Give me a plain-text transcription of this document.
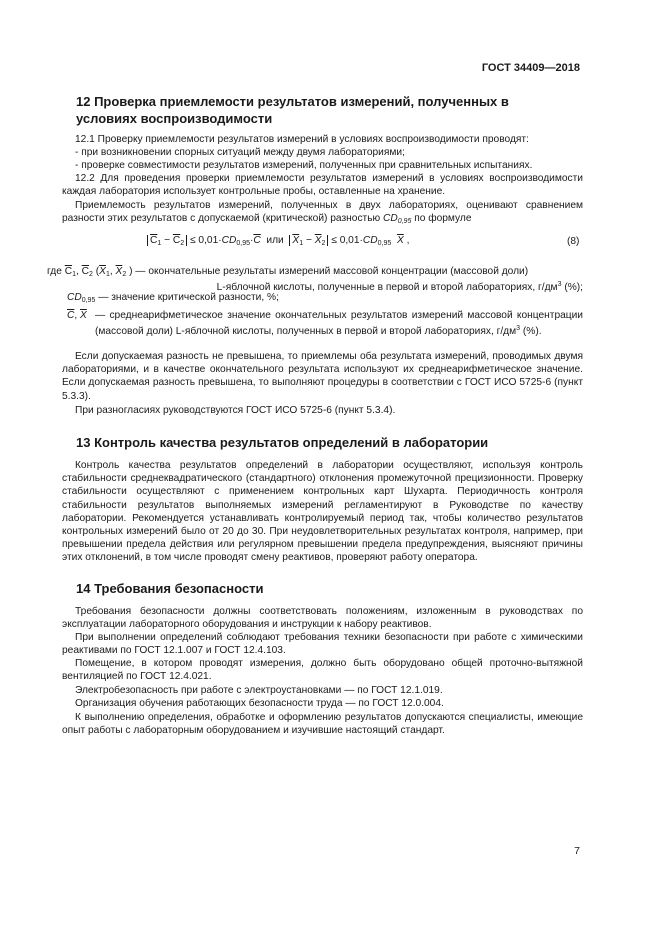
ГОСТ 34409—2018
12 Проверка приемлемости результатов измерений, полученных в
условиях воспроизводимости

12.1 Проверку приемлемости результатов измерений в условиях воспроизводимости проводят:

- при возникновении спорных ситуаций между двумя лабораториями;

- проверке совместимости результатов измерений, полученных при сравнительных испытаниях.

12.2 Для проведения проверки приемлемости результатов измерений в условиях воспроизводимости каждая лаборатория использует контрольные пробы, оставленные на хранение.

Приемлемость результатов измерений, полученных в двух лабораториях, оценивают сравнением разности этих результатов с допускаемой (критической) разностью $CD_{0,95}$ по формуле

$\overline{C}_1 - \overline{C}_2 \le 0,01\cdot CD_{0,95}\cdot\overline{C}$  или  $\overline{X}_1 - \overline{X}_2 \le 0,01\cdot CD_{0,95}$ $\overline{X}$ ,	(8)

где $\overline{C}_1$, $\overline{C}_2$ ($\overline{X}_1$, $\overline{X}_2$ ) — окончательные результаты измерений массовой концентрации (массовой доли)

L-яблочной кислоты, полученные в первой и второй лабораториях, $г/дм^3$ (%);

$CD_{0,95}$ — значение критической разности, %;

$\overline{C}$, $\overline{X}$ — среднеарифметическое значение окончательных результатов измерений массовой концентрации (массовой доли) L-яблочной кислоты, полученных в первой и второй лабораториях, $г/дм^3$ (%).

Если допускаемая разность не превышена, то приемлемы оба результата измерений, проводимых двумя лабораториями, и в качестве окончательного результата используют их среднеарифметическое значение. Если допускаемая разность превышена, то выполняют процедуры в соответствии с ГОСТ ИСО 5725-6 (пункт 5.3.3).

При разногласиях руководствуются ГОСТ ИСО 5725-6 (пункт 5.3.4).

13 Контроль качества результатов определений в лаборатории

Контроль качества результатов определений в лаборатории осуществляют, используя контроль стабильности среднеквадратического (стандартного) отклонения промежуточной прецизионности. Проверку стабильности осуществляют с применением контрольных карт Шухарта. Периодичность контроля стабильности результатов выполняемых измерений регламентируют в Руководстве по качеству лаборатории. Рекомендуется устанавливать контролируемый период так, чтобы количество результатов контрольных измерений было от 20 до 30. При неудовлетворительных результатах контроля, например, при превышении предела действия или регулярном превышении предела предупреждения, выясняют причины этих отклонений, в том числе проводят смену реактивов, проверяют работу оператора.

14 Требования безопасности

Требования безопасности должны соответствовать положениям, изложенным в руководствах по эксплуатации лабораторного оборудования и инструкции к набору реактивов.

При выполнении определений соблюдают требования техники безопасности при работе с химическими реактивами по ГОСТ 12.1.007 и ГОСТ 12.4.103.

Помещение, в котором проводят измерения, должно быть оборудовано общей проточно-вытяжной вентиляцией по ГОСТ 12.4.021.

Электробезопасность при работе с электроустановками — по ГОСТ 12.1.019.

Организация обучения работающих безопасности труда — по ГОСТ 12.0.004.

К выполнению определения, обработке и оформлению результатов допускаются специалисты, имеющие опыт работы с лабораторным оборудованием и изучившие настоящий стандарт.

7
